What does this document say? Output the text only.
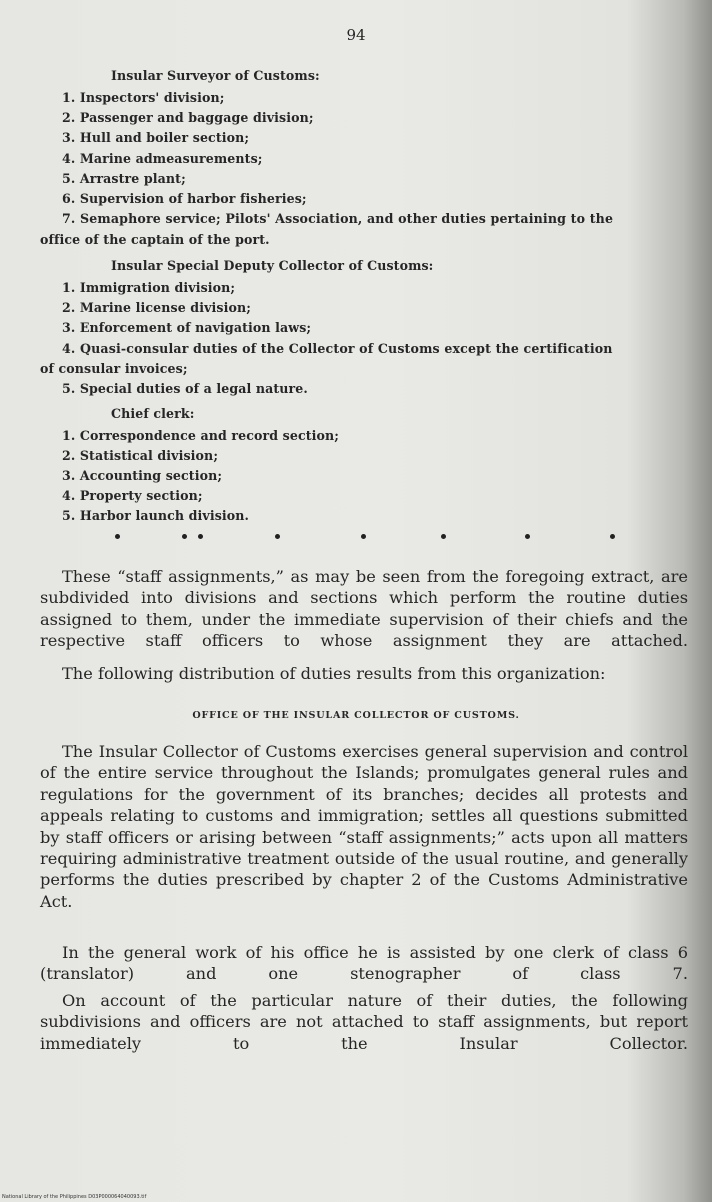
94
Insular Surveyor of Customs:
1. Inspectors' division;
2. Passenger and baggage division;
3. Hull and boiler section;
4. Marine admeasurements;
5. Arrastre plant;
6. Supervision of harbor fisheries;
7. Semaphore service; Pilots' Association, and other duties pertaining to the
office of the captain of the port.
Insular Special Deputy Collector of Customs:
1. Immigration division;
2. Marine license division;
3. Enforcement of navigation laws;
4. Quasi-consular duties of the Collector of Customs except the certification
of consular invoices;
5. Special duties of a legal nature.
Chief clerk:
1. Correspondence and record section;
2. Statistical division;
3. Accounting section;
4. Property section;
5. Harbor launch division.
These “staff assignments,” as may be seen from the foregoing extract, are subdivided into divisions and sections which perform the routine duties assigned to them, under the immediate supervision of their chiefs and the respective staff officers to whose assignment they are attached.
The following distribution of duties results from this organization:
OFFICE OF THE INSULAR COLLECTOR OF CUSTOMS.
The Insular Collector of Customs exercises general supervision and control of the entire service throughout the Islands; promulgates general rules and regulations for the government of its branches; decides all protests and appeals relating to customs and immigration; settles all questions submitted by staff officers or arising between “staff assignments;” acts upon all matters requiring administrative treatment outside of the usual routine, and generally performs the duties prescribed by chapter 2 of the Customs Administrative Act.
In the general work of his office he is assisted by one clerk of class 6 (translator) and one stenographer of class 7.
On account of the particular nature of their duties, the following subdivisions and officers are not attached to staff assignments, but report immediately to the Insular Collector.
National Library of the Philippines D03P000064040093.tif
